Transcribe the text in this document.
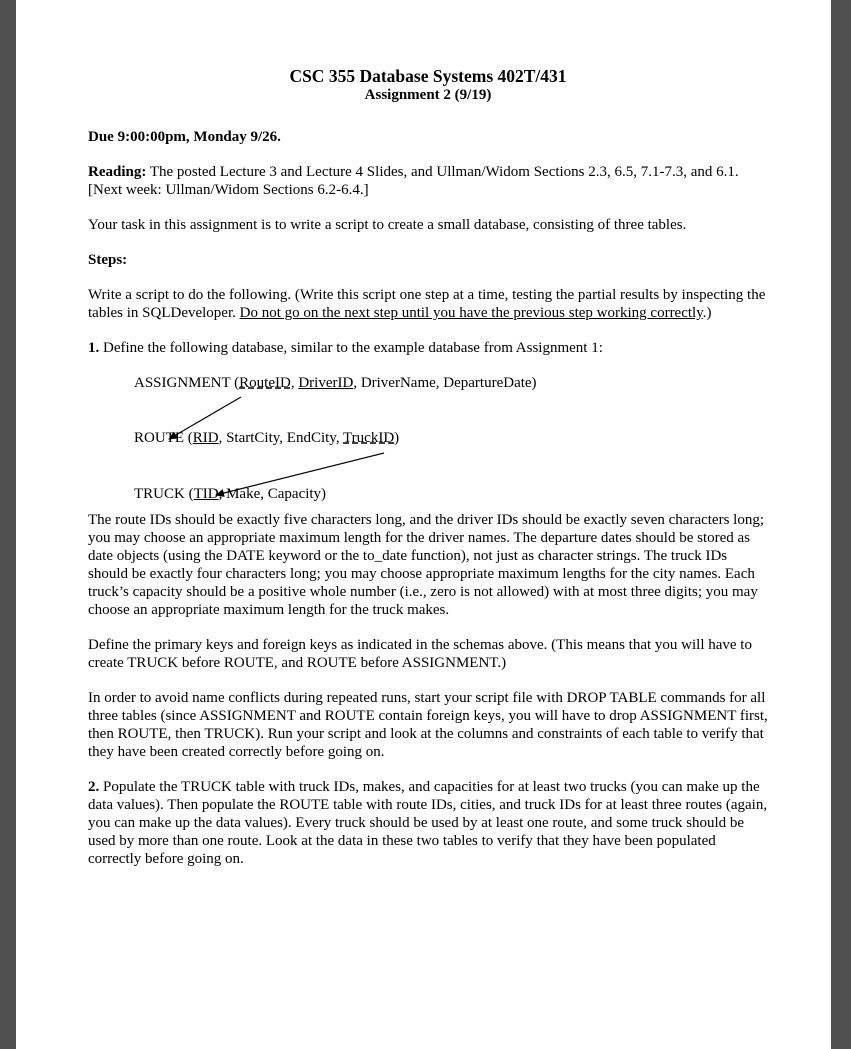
CSC 355 Database Systems 402T/431

Assignment 2 (9/19)

Due 9:00:00pm, Monday 9/26.

Reading: The posted Lecture 3 and Lecture 4 Slides, and Ullman/Widom Sections 2.3, 6.5, 7.1-7.3, and 6.1. [Next week: Ullman/Widom Sections 6.2-6.4.]

Your task in this assignment is to write a script to create a small database, consisting of three tables.

Steps:

Write a script to do the following. (Write this script one step at a time, testing the partial results by inspecting the tables in SQLDeveloper. Do not go on the next step until you have the previous step working correctly.)

1. Define the following database, similar to the example database from Assignment 1:

ASSIGNMENT (RouteID, DriverID, DriverName, DepartureDate)
ROUTE (RID, StartCity, EndCity, TruckID)
TRUCK (TID, Make, Capacity)

The route IDs should be exactly five characters long, and the driver IDs should be exactly seven characters long; you may choose an appropriate maximum length for the driver names. The departure dates should be stored as date objects (using the DATE keyword or the to_date function), not just as character strings. The truck IDs should be exactly four characters long; you may choose appropriate maximum lengths for the city names. Each truck’s capacity should be a positive whole number (i.e., zero is not allowed) with at most three digits; you may choose an appropriate maximum length for the truck makes.

Define the primary keys and foreign keys as indicated in the schemas above. (This means that you will have to create TRUCK before ROUTE, and ROUTE before ASSIGNMENT.)

In order to avoid name conflicts during repeated runs, start your script file with DROP TABLE commands for all three tables (since ASSIGNMENT and ROUTE contain foreign keys, you will have to drop ASSIGNMENT first, then ROUTE, then TRUCK). Run your script and look at the columns and constraints of each table to verify that they have been created correctly before going on.

2. Populate the TRUCK table with truck IDs, makes, and capacities for at least two trucks (you can make up the data values). Then populate the ROUTE table with route IDs, cities, and truck IDs for at least three routes (again, you can make up the data values). Every truck should be used by at least one route, and some truck should be used by more than one route. Look at the data in these two tables to verify that they have been populated correctly before going on.
